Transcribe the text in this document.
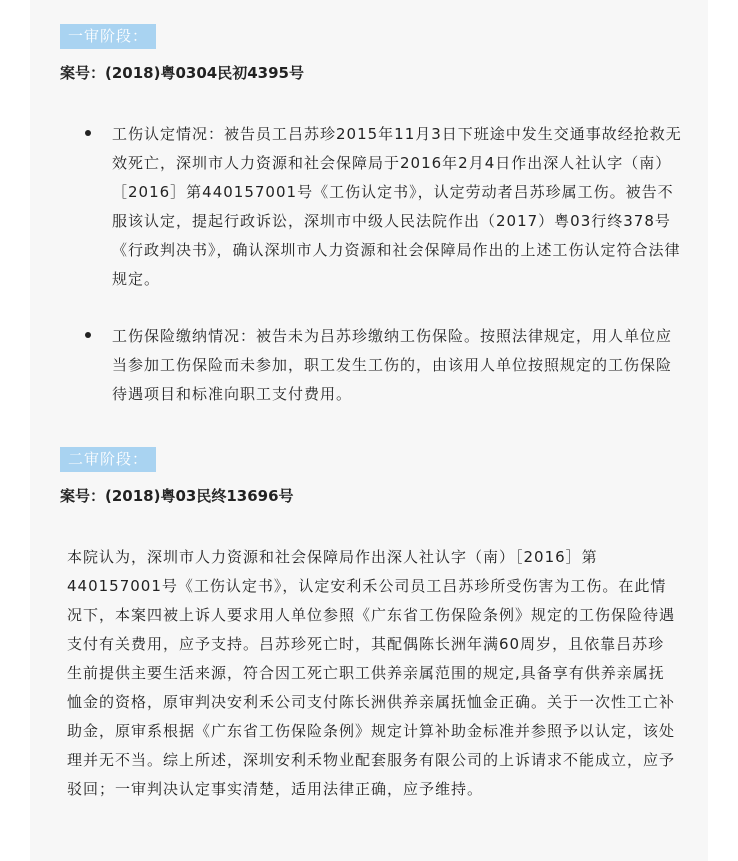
一审阶段：
案号：(2018)粤0304民初4395号
工伤认定情况：被告员工吕苏珍2015年11月3日下班途中发生交通事故经抢救无效死亡，深圳市人力资源和社会保障局于2016年2月4日作出深人社认字（南）［2016］第440157001号《工伤认定书》，认定劳动者吕苏珍属工伤。被告不服该认定，提起行政诉讼，深圳市中级人民法院作出（2017）粤03行终378号《行政判决书》，确认深圳市人力资源和社会保障局作出的上述工伤认定符合法律规定。
工伤保险缴纳情况：被告未为吕苏珍缴纳工伤保险。按照法律规定，用人单位应当参加工伤保险而未参加，职工发生工伤的，由该用人单位按照规定的工伤保险待遇项目和标准向职工支付费用。
二审阶段：
案号：(2018)粤03民终13696号
本院认为，深圳市人力资源和社会保障局作出深人社认字（南）［2016］第440157001号《工伤认定书》，认定安利禾公司员工吕苏珍所受伤害为工伤。在此情况下，本案四被上诉人要求用人单位参照《广东省工伤保险条例》规定的工伤保险待遇支付有关费用，应予支持。吕苏珍死亡时，其配偶陈长洲年满60周岁，且依靠吕苏珍生前提供主要生活来源，符合因工死亡职工供养亲属范围的规定,具备享有供养亲属抚恤金的资格，原审判决安利禾公司支付陈长洲供养亲属抚恤金正确。关于一次性工亡补助金，原审系根据《广东省工伤保险条例》规定计算补助金标准并参照予以认定，该处理并无不当。综上所述，深圳安利禾物业配套服务有限公司的上诉请求不能成立，应予驳回；一审判决认定事实清楚，适用法律正确，应予维持。
